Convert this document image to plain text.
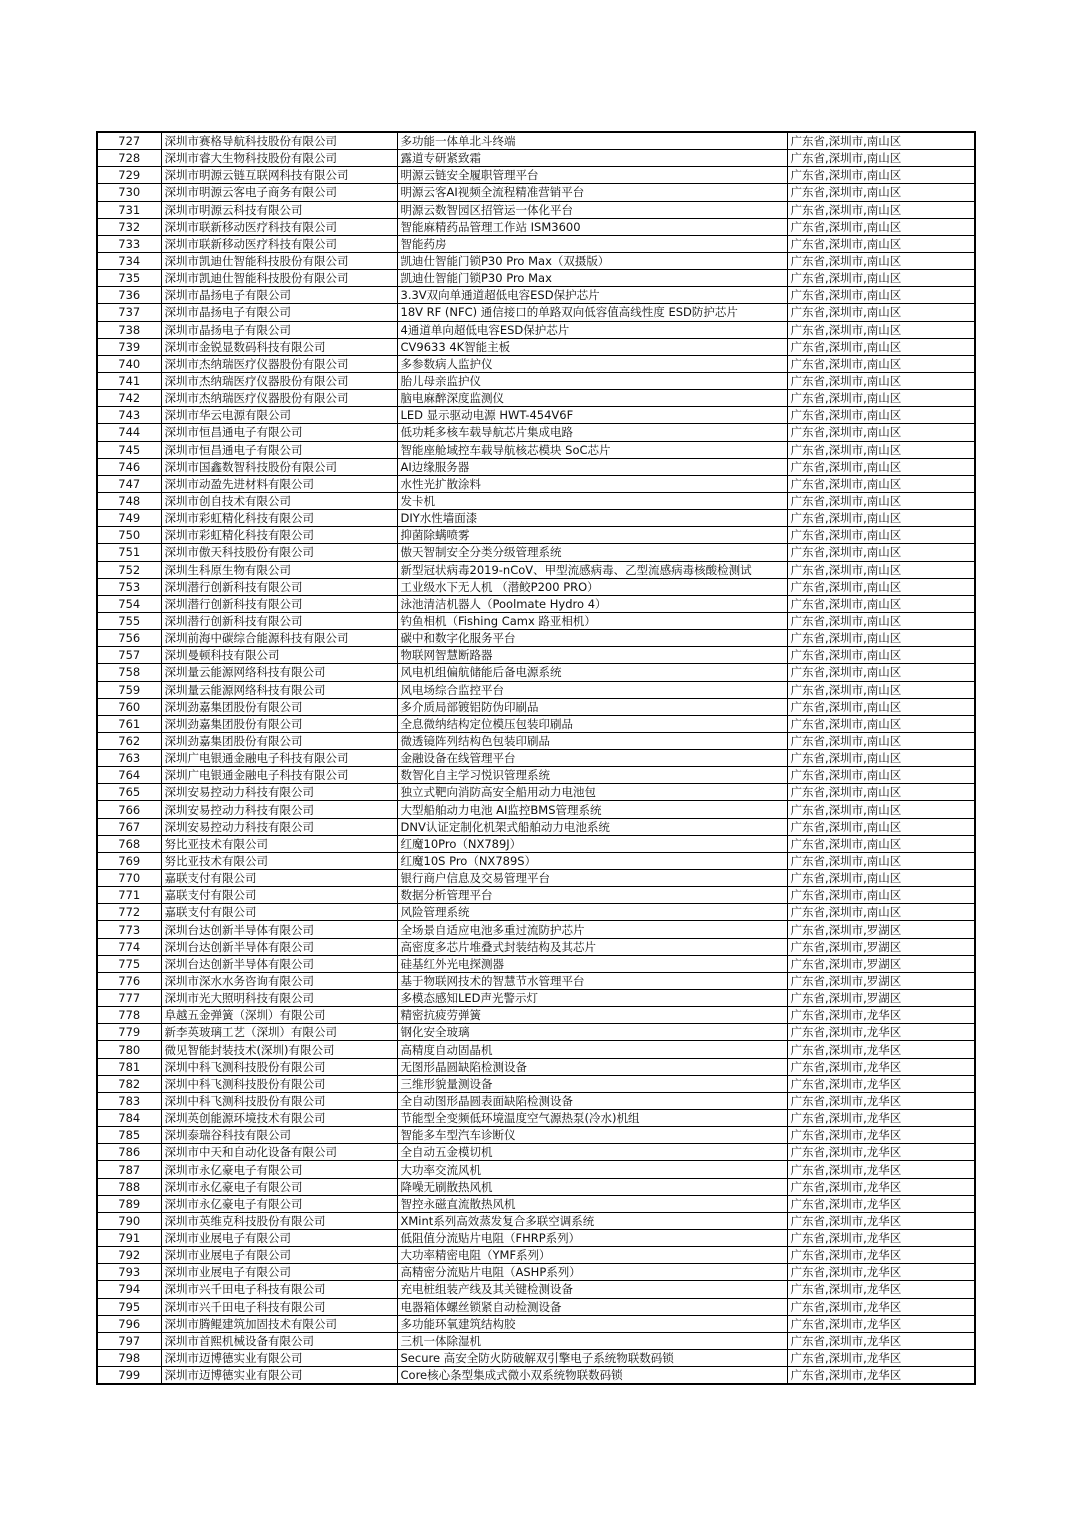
727	深圳市赛格导航科技股份有限公司	多功能一体单北斗终端	广东省,深圳市,南山区
728	深圳市睿大生物科技股份有限公司	露道专研紧致霜	广东省,深圳市,南山区
729	深圳市明源云链互联网科技有限公司	明源云链安全履职管理平台	广东省,深圳市,南山区
730	深圳市明源云客电子商务有限公司	明源云客AI视频全流程精准营销平台	广东省,深圳市,南山区
731	深圳市明源云科技有限公司	明源云数智园区招管运一体化平台	广东省,深圳市,南山区
732	深圳市联新移动医疗科技有限公司	智能麻精药品管理工作站 ISM3600	广东省,深圳市,南山区
733	深圳市联新移动医疗科技有限公司	智能药房	广东省,深圳市,南山区
734	深圳市凯迪仕智能科技股份有限公司	凯迪仕智能门锁P30 Pro Max（双摄版）	广东省,深圳市,南山区
735	深圳市凯迪仕智能科技股份有限公司	凯迪仕智能门锁P30 Pro Max	广东省,深圳市,南山区
736	深圳市晶扬电子有限公司	3.3V双向单通道超低电容ESD保护芯片	广东省,深圳市,南山区
737	深圳市晶扬电子有限公司	18V RF (NFC) 通信接口的单路双向低容值高线性度 ESD防护芯片	广东省,深圳市,南山区
738	深圳市晶扬电子有限公司	4通道单向超低电容ESD保护芯片	广东省,深圳市,南山区
739	深圳市金锐显数码科技有限公司	CV9633 4K智能主板	广东省,深圳市,南山区
740	深圳市杰纳瑞医疗仪器股份有限公司	多参数病人监护仪	广东省,深圳市,南山区
741	深圳市杰纳瑞医疗仪器股份有限公司	胎儿母亲监护仪	广东省,深圳市,南山区
742	深圳市杰纳瑞医疗仪器股份有限公司	脑电麻醉深度监测仪	广东省,深圳市,南山区
743	深圳市华云电源有限公司	LED 显示驱动电源 HWT-454V6F	广东省,深圳市,南山区
744	深圳市恒昌通电子有限公司	低功耗多核车载导航芯片集成电路	广东省,深圳市,南山区
745	深圳市恒昌通电子有限公司	智能座舱域控车载导航核芯模块 SoC芯片	广东省,深圳市,南山区
746	深圳市国鑫数智科技股份有限公司	AI边缘服务器	广东省,深圳市,南山区
747	深圳市动盈先进材料有限公司	水性光扩散涂料	广东省,深圳市,南山区
748	深圳市创自技术有限公司	发卡机	广东省,深圳市,南山区
749	深圳市彩虹精化科技有限公司	DIY水性墙面漆	广东省,深圳市,南山区
750	深圳市彩虹精化科技有限公司	抑菌除螨喷雾	广东省,深圳市,南山区
751	深圳市傲天科技股份有限公司	傲天智制安全分类分级管理系统	广东省,深圳市,南山区
752	深圳生科原生物有限公司	新型冠状病毒2019-nCoV、甲型流感病毒、乙型流感病毒核酸检测试	广东省,深圳市,南山区
753	深圳潜行创新科技有限公司	工业级水下无人机 （潜鲛P200 PRO）	广东省,深圳市,南山区
754	深圳潜行创新科技有限公司	泳池清洁机器人（Poolmate Hydro 4）	广东省,深圳市,南山区
755	深圳潜行创新科技有限公司	钓鱼相机（Fishing Camx 路亚相机）	广东省,深圳市,南山区
756	深圳前海中碳综合能源科技有限公司	碳中和数字化服务平台	广东省,深圳市,南山区
757	深圳曼顿科技有限公司	物联网智慧断路器	广东省,深圳市,南山区
758	深圳量云能源网络科技有限公司	风电机组偏航储能后备电源系统	广东省,深圳市,南山区
759	深圳量云能源网络科技有限公司	风电场综合监控平台	广东省,深圳市,南山区
760	深圳劲嘉集团股份有限公司	多介质局部镀铝防伪印刷品	广东省,深圳市,南山区
761	深圳劲嘉集团股份有限公司	全息微纳结构定位模压包装印刷品	广东省,深圳市,南山区
762	深圳劲嘉集团股份有限公司	微透镜阵列结构色包装印刷品	广东省,深圳市,南山区
763	深圳广电银通金融电子科技有限公司	金融设备在线管理平台	广东省,深圳市,南山区
764	深圳广电银通金融电子科技有限公司	数智化自主学习悦识管理系统	广东省,深圳市,南山区
765	深圳安易控动力科技有限公司	独立式靶向消防高安全船用动力电池包	广东省,深圳市,南山区
766	深圳安易控动力科技有限公司	大型船舶动力电池 AI监控BMS管理系统	广东省,深圳市,南山区
767	深圳安易控动力科技有限公司	DNV认证定制化机架式船舶动力电池系统	广东省,深圳市,南山区
768	努比亚技术有限公司	红魔10Pro（NX789J）	广东省,深圳市,南山区
769	努比亚技术有限公司	红魔10S Pro（NX789S）	广东省,深圳市,南山区
770	嘉联支付有限公司	银行商户信息及交易管理平台	广东省,深圳市,南山区
771	嘉联支付有限公司	数据分析管理平台	广东省,深圳市,南山区
772	嘉联支付有限公司	风险管理系统	广东省,深圳市,南山区
773	深圳台达创新半导体有限公司	全场景自适应电池多重过流防护芯片	广东省,深圳市,罗湖区
774	深圳台达创新半导体有限公司	高密度多芯片堆叠式封装结构及其芯片	广东省,深圳市,罗湖区
775	深圳台达创新半导体有限公司	硅基红外光电探测器	广东省,深圳市,罗湖区
776	深圳市深水水务咨询有限公司	基于物联网技术的智慧节水管理平台	广东省,深圳市,罗湖区
777	深圳市光大照明科技有限公司	多模态感知LED声光警示灯	广东省,深圳市,罗湖区
778	阜越五金弹簧（深圳）有限公司	精密抗疲劳弹簧	广东省,深圳市,龙华区
779	新李英玻璃工艺（深圳）有限公司	钢化安全玻璃	广东省,深圳市,龙华区
780	微见智能封装技术(深圳)有限公司	高精度自动固晶机	广东省,深圳市,龙华区
781	深圳中科飞测科技股份有限公司	无图形晶圆缺陷检测设备	广东省,深圳市,龙华区
782	深圳中科飞测科技股份有限公司	三维形貌量测设备	广东省,深圳市,龙华区
783	深圳中科飞测科技股份有限公司	全自动图形晶圆表面缺陷检测设备	广东省,深圳市,龙华区
784	深圳英创能源环境技术有限公司	节能型全变频低环境温度空气源热泵(冷水)机组	广东省,深圳市,龙华区
785	深圳泰瑞谷科技有限公司	智能多车型汽车诊断仪	广东省,深圳市,龙华区
786	深圳市中天和自动化设备有限公司	全自动五金模切机	广东省,深圳市,龙华区
787	深圳市永亿豪电子有限公司	大功率交流风机	广东省,深圳市,龙华区
788	深圳市永亿豪电子有限公司	降噪无刷散热风机	广东省,深圳市,龙华区
789	深圳市永亿豪电子有限公司	智控永磁直流散热风机	广东省,深圳市,龙华区
790	深圳市英维克科技股份有限公司	XMint系列高效蒸发复合多联空调系统	广东省,深圳市,龙华区
791	深圳市业展电子有限公司	低阻值分流贴片电阻（FHRP系列）	广东省,深圳市,龙华区
792	深圳市业展电子有限公司	大功率精密电阻（YMF系列）	广东省,深圳市,龙华区
793	深圳市业展电子有限公司	高精密分流贴片电阻（ASHP系列）	广东省,深圳市,龙华区
794	深圳市兴千田电子科技有限公司	充电桩组装产线及其关键检测设备	广东省,深圳市,龙华区
795	深圳市兴千田电子科技有限公司	电器箱体螺丝锁紧自动检测设备	广东省,深圳市,龙华区
796	深圳市腾鲲建筑加固技术有限公司	多功能环氧建筑结构胶	广东省,深圳市,龙华区
797	深圳市首熙机械设备有限公司	三机一体除湿机	广东省,深圳市,龙华区
798	深圳市迈博德实业有限公司	Secure 高安全防火防破解双引擎电子系统物联数码锁	广东省,深圳市,龙华区
799	深圳市迈博德实业有限公司	Core核心条型集成式微小双系统物联数码锁	广东省,深圳市,龙华区
